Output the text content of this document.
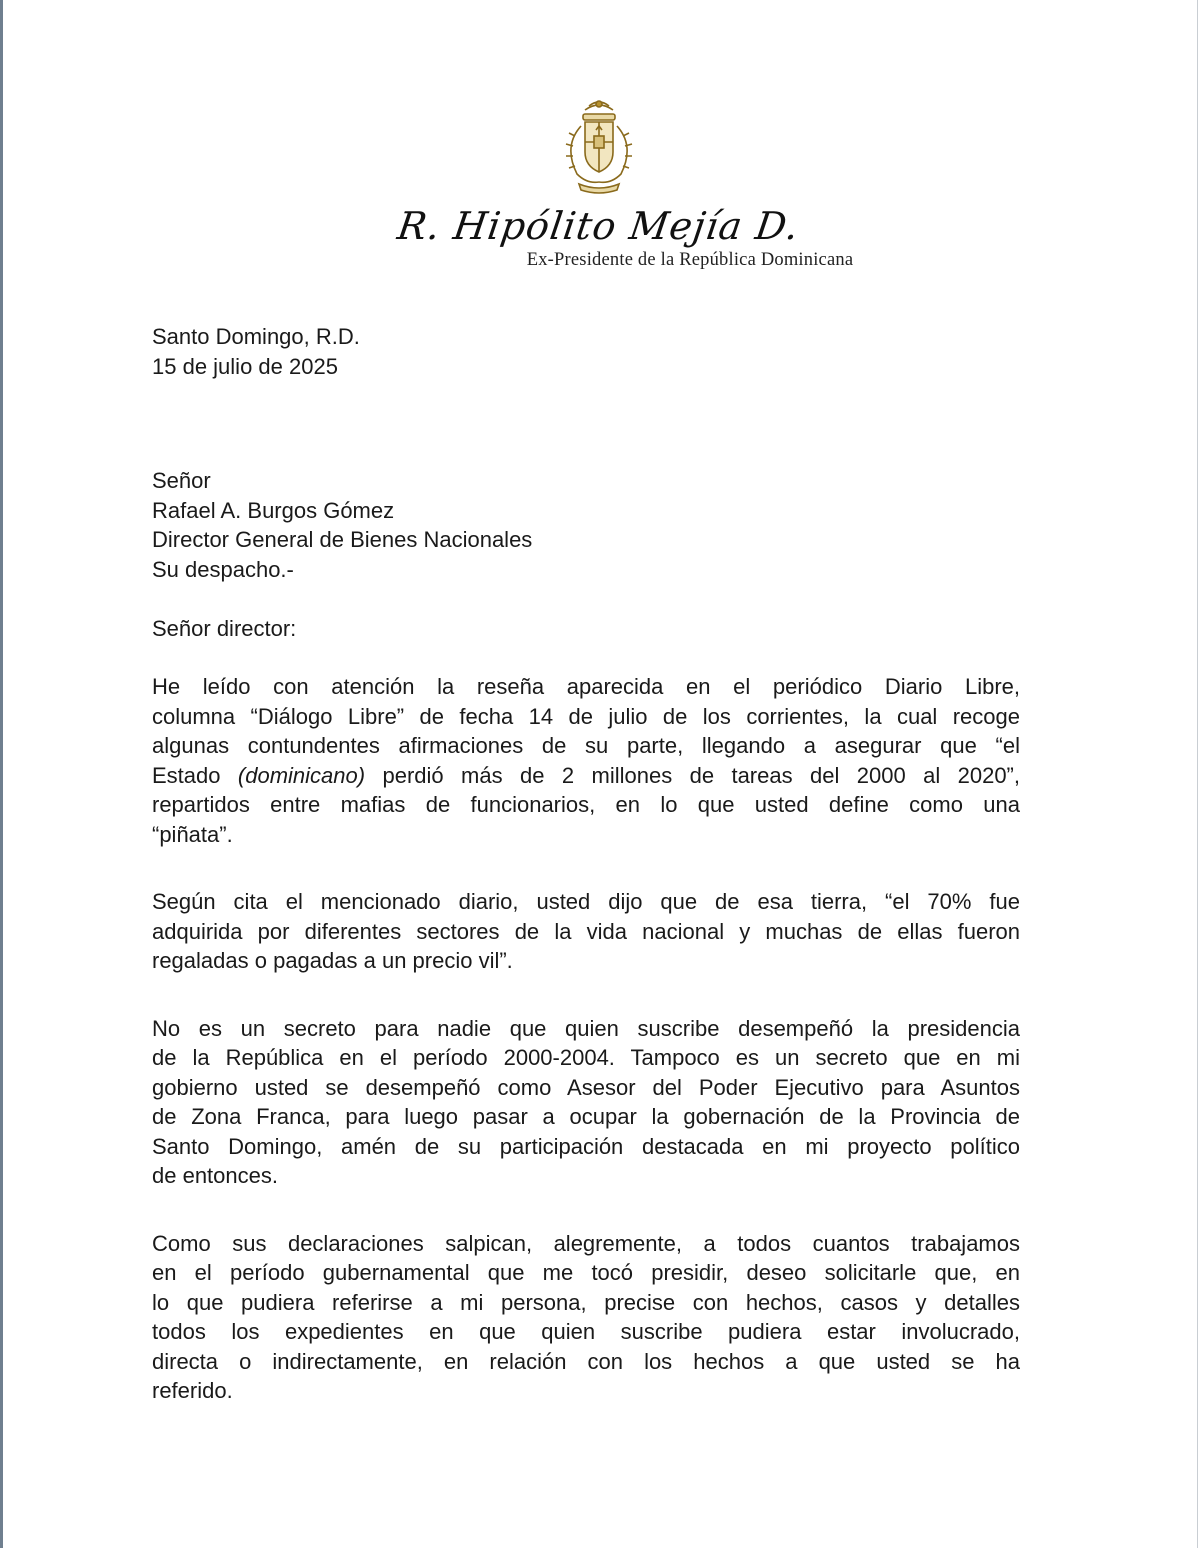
R. Hipólito Mejía D.
Ex-Presidente de la República Dominicana
Santo Domingo, R.D.
15 de julio de 2025
Señor
Rafael A. Burgos Gómez
Director General de Bienes Nacionales
Su despacho.-
Señor director:

He leído con atención la reseña aparecida en el periódico Diario Libre,
columna “Diálogo Libre” de fecha 14 de julio de los corrientes, la cual recoge
algunas contundentes afirmaciones de su parte, llegando a asegurar que “el
Estado (dominicano) perdió más de 2 millones de tareas del 2000 al 2020”,
repartidos entre mafias de funcionarios, en lo que usted define como una
“piñata”.

Según cita el mencionado diario, usted dijo que de esa tierra, “el 70% fue
adquirida por diferentes sectores de la vida nacional y muchas de ellas fueron
regaladas o pagadas a un precio vil”.

No es un secreto para nadie que quien suscribe desempeñó la presidencia
de la República en el período 2000-2004. Tampoco es un secreto que en mi
gobierno usted se desempeñó como Asesor del Poder Ejecutivo para Asuntos
de Zona Franca, para luego pasar a ocupar la gobernación de la Provincia de
Santo Domingo, amén de su participación destacada en mi proyecto político
de entonces.

Como sus declaraciones salpican, alegremente, a todos cuantos trabajamos
en el período gubernamental que me tocó presidir, deseo solicitarle que, en
lo que pudiera referirse a mi persona, precise con hechos, casos y detalles
todos los expedientes en que quien suscribe pudiera estar involucrado,
directa o indirectamente, en relación con los hechos a que usted se ha
referido.
